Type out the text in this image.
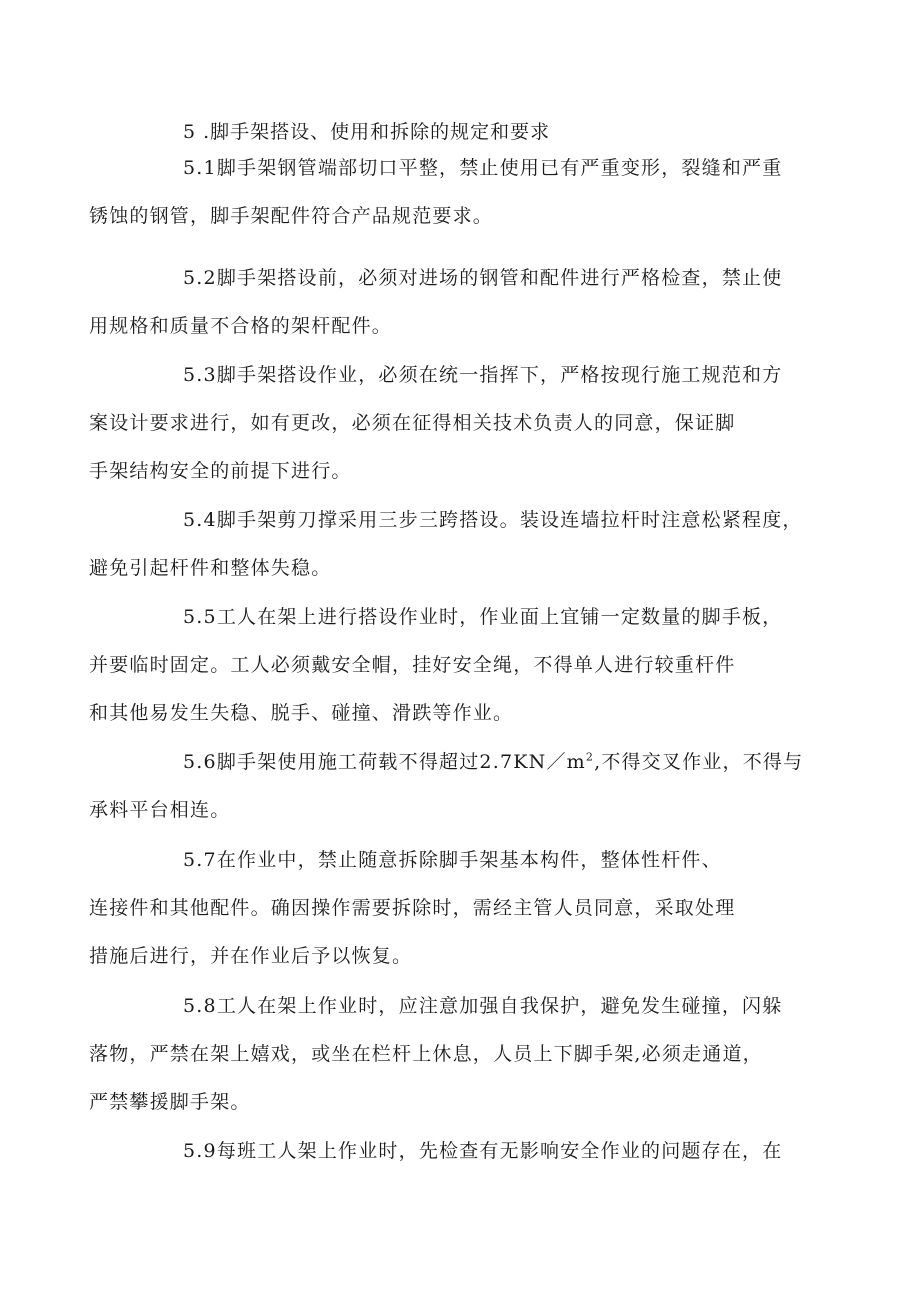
5 .脚手架搭设、使用和拆除的规定和要求
5.1脚手架钢管端部切口平整，禁止使用已有严重变形，裂缝和严重
锈蚀的钢管，脚手架配件符合产品规范要求。
5.2脚手架搭设前，必须对进场的钢管和配件进行严格检查，禁止使
用规格和质量不合格的架杆配件。
5.3脚手架搭设作业，必须在统一指挥下，严格按现行施工规范和方
案设计要求进行，如有更改，必须在征得相关技术负责人的同意，保证脚
手架结构安全的前提下进行。
5.4脚手架剪刀撑采用三步三跨搭设。装设连墙拉杆时注意松紧程度，
避免引起杆件和整体失稳。
5.5工人在架上进行搭设作业时，作业面上宜铺一定数量的脚手板，
并要临时固定。工人必须戴安全帽，挂好安全绳，不得单人进行较重杆件
和其他易发生失稳、脱手、碰撞、滑跌等作业。
5.6脚手架使用施工荷载不得超过$2.7KN/m^2$,不得交叉作业，不得与
承料平台相连。
5.7在作业中，禁止随意拆除脚手架基本构件，整体性杆件、
连接件和其他配件。确因操作需要拆除时，需经主管人员同意，采取处理
措施后进行，并在作业后予以恢复。
5.8工人在架上作业时，应注意加强自我保护，避免发生碰撞，闪躲
落物，严禁在架上嬉戏，或坐在栏杆上休息，人员上下脚手架,必须走通道，
严禁攀援脚手架。
5.9每班工人架上作业时，先检查有无影响安全作业的问题存在，在
